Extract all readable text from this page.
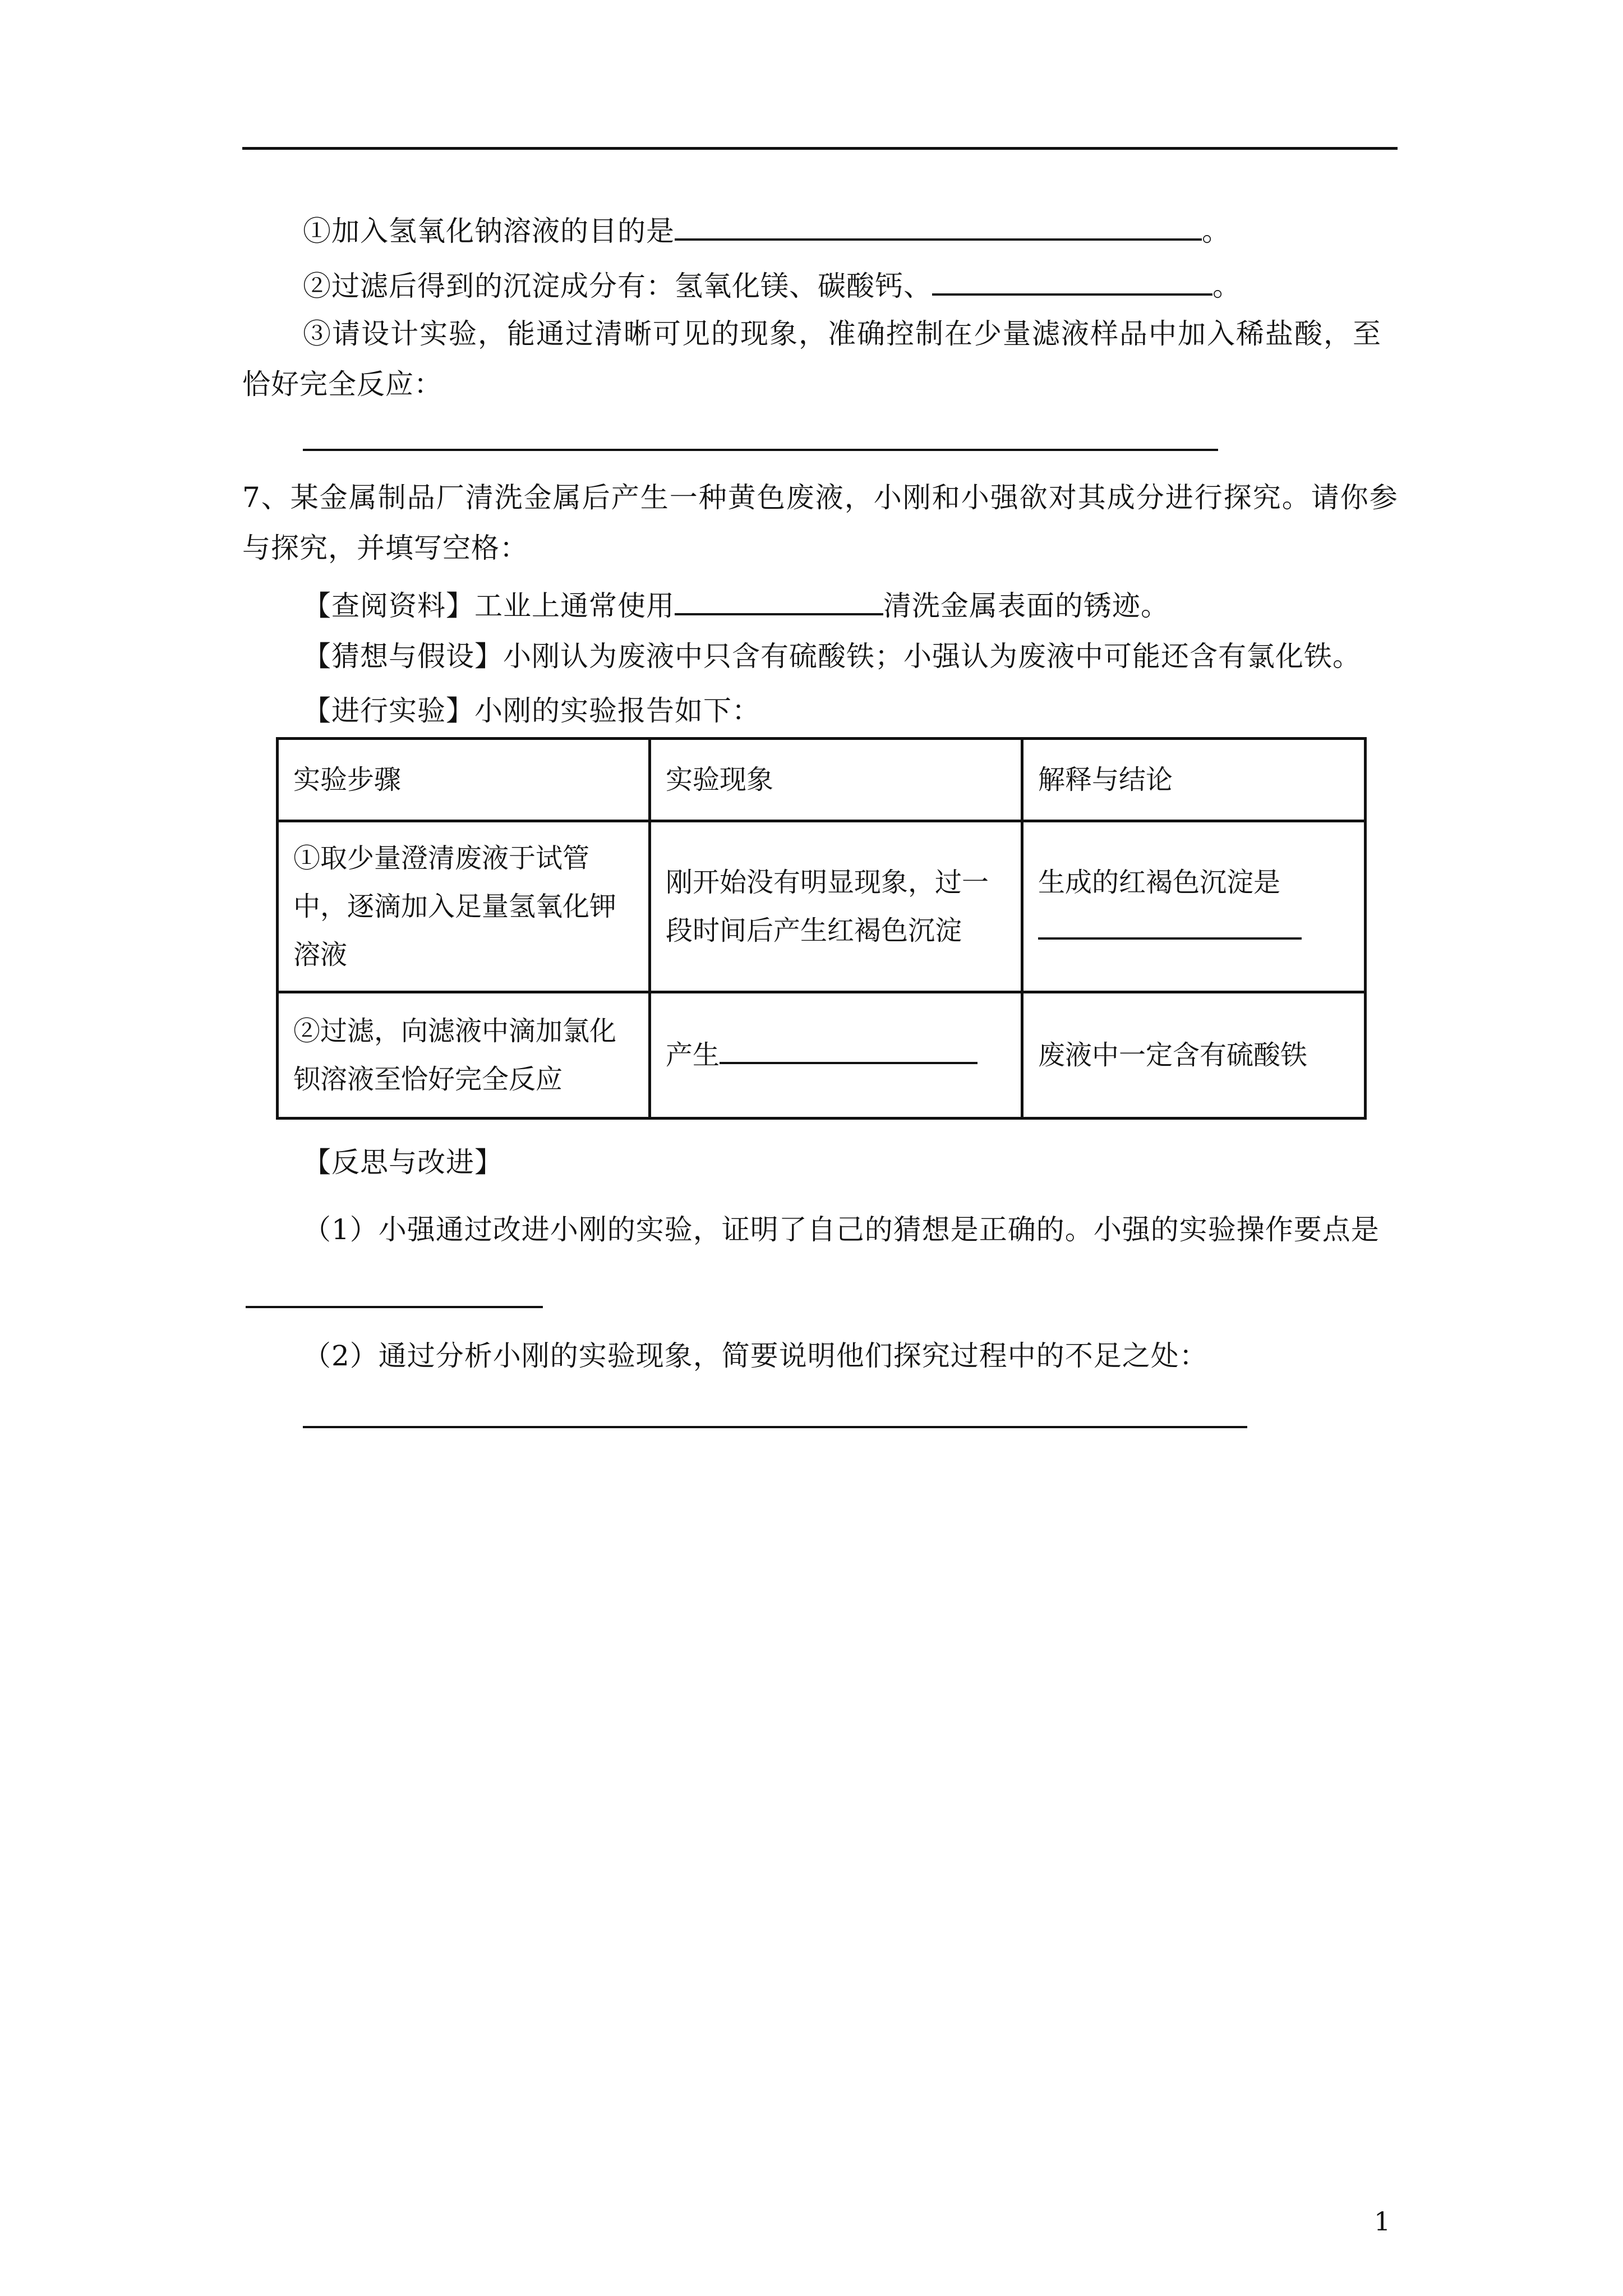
①加入氢氧化钠溶液的目的是	。
②过滤后得到的沉淀成分有：氢氧化镁、碳酸钙、	。
③请设计实验，能通过清晰可见的现象，准确控制在少量滤液样品中加入稀盐酸，至
恰好完全反应：
7、某金属制品厂清洗金属后产生一种黄色废液，小刚和小强欲对其成分进行探究。请你参
与探究，并填写空格：
【查阅资料】工业上通常使用	清洗金属表面的锈迹。
【猜想与假设】小刚认为废液中只含有硫酸铁；小强认为废液中可能还含有氯化铁。
【进行实验】小刚的实验报告如下：
实验步骤	实验现象	解释与结论
①取少量澄清废液于试管中，逐滴加入足量氢氧化钾溶液	刚开始没有明显现象，过一段时间后产生红褐色沉淀	生成的红褐色沉淀是

②过滤，向滤液中滴加氯化钡溶液至恰好完全反应	产生	废液中一定含有硫酸铁
【反思与改进】
（1）小强通过改进小刚的实验，证明了自己的猜想是正确的。小强的实验操作要点是
（2）通过分析小刚的实验现象，简要说明他们探究过程中的不足之处：
1
